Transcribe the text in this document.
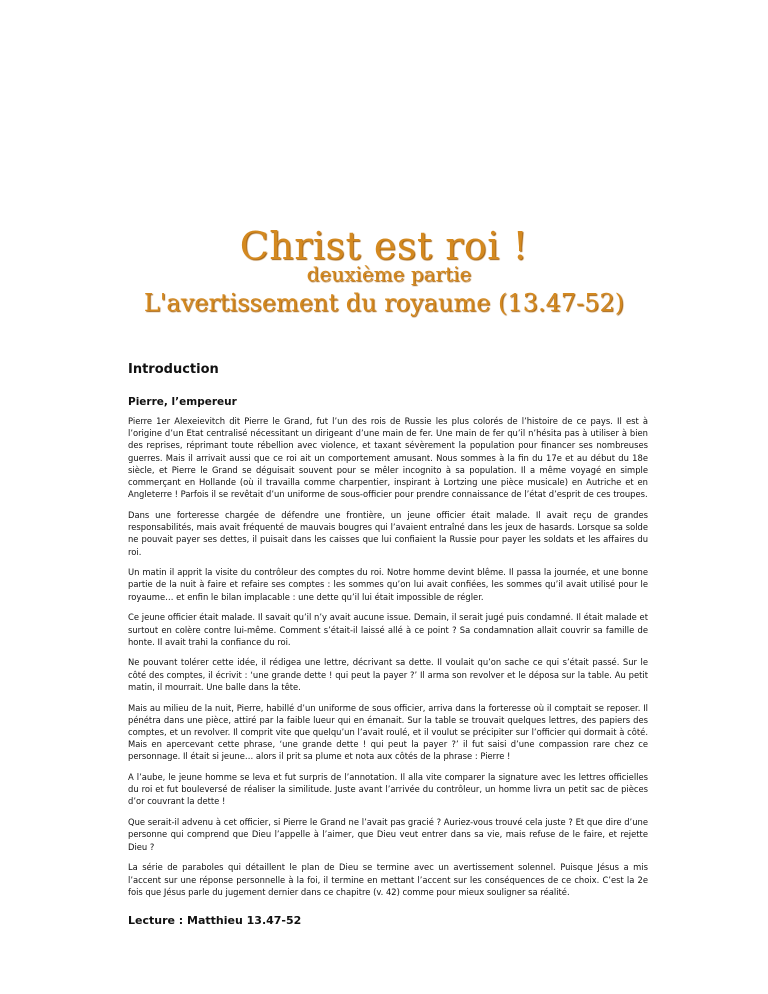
Christ est roi !
deuxième partie
L'avertissement du royaume (13.47-52)
Introduction
Pierre, l’empereur

Pierre 1er Alexeievitch dit Pierre le Grand, fut l’un des rois de Russie les plus colorés de l’histoire de ce pays. Il est à l’origine d’un Etat centralisé nécessitant un dirigeant d’une main de fer. Une main de fer qu’il n’hésita pas à utiliser à bien des reprises, réprimant toute rébellion avec violence, et taxant sévèrement la population pour financer ses nombreuses guerres. Mais il arrivait aussi que ce roi ait un comportement amusant. Nous sommes à la fin du 17e et au début du 18e siècle, et Pierre le Grand se déguisait souvent pour se mêler incognito à sa population. Il a même voyagé en simple commerçant en Hollande (où il travailla comme charpentier, inspirant à Lortzing une pièce musicale) en Autriche et en Angleterre ! Parfois il se revêtait d’un uniforme de sous-officier pour prendre connaissance de l’état d’esprit de ces troupes.

Dans une forteresse chargée de défendre une frontière, un jeune officier était malade. Il avait reçu de grandes responsabilités, mais avait fréquenté de mauvais bougres qui l’avaient entraîné dans les jeux de hasards. Lorsque sa solde ne pouvait payer ses dettes, il puisait dans les caisses que lui confiaient la Russie pour payer les soldats et les affaires du roi.

Un matin il apprit la visite du contrôleur des comptes du roi. Notre homme devint blême. Il passa la journée, et une bonne partie de la nuit à faire et refaire ses comptes : les sommes qu’on lui avait confiées, les sommes qu’il avait utilisé pour le royaume… et enfin le bilan implacable : une dette qu’il lui était impossible de régler.

Ce jeune officier était malade. Il savait qu’il n’y avait aucune issue. Demain, il serait jugé puis condamné. Il était malade et surtout en colère contre lui-même. Comment s’était-il laissé allé à ce point ? Sa condamnation allait couvrir sa famille de honte. Il avait trahi la confiance du roi.

Ne pouvant tolérer cette idée, il rédigea une lettre, décrivant sa dette. Il voulait qu’on sache ce qui s’était passé. Sur le côté des comptes, il écrivit : ‘une grande dette ! qui peut la payer ?’ Il arma son revolver et le déposa sur la table. Au petit matin, il mourrait. Une balle dans la tête.

Mais au milieu de la nuit, Pierre, habillé d’un uniforme de sous officier, arriva dans la forteresse où il comptait se reposer. Il pénétra dans une pièce, attiré par la faible lueur qui en émanait. Sur la table se trouvait quelques lettres, des papiers des comptes, et un revolver. Il comprit vite que quelqu’un l’avait roulé, et il voulut se précipiter sur l’officier qui dormait à côté. Mais en apercevant cette phrase, ‘une grande dette ! qui peut la payer ?’ il fut saisi d’une compassion rare chez ce personnage. Il était si jeune… alors il prit sa plume et nota aux côtés de la phrase : Pierre !

A l’aube, le jeune homme se leva et fut surpris de l’annotation. Il alla vite comparer la signature avec les lettres officielles du roi et fut bouleversé de réaliser la similitude. Juste avant l’arrivée du contrôleur, un homme livra un petit sac de pièces d’or couvrant la dette !

Que serait-il advenu à cet officier, si Pierre le Grand ne l’avait pas gracié ? Auriez-vous trouvé cela juste ? Et que dire d’une personne qui comprend que Dieu l’appelle à l’aimer, que Dieu veut entrer dans sa vie, mais refuse de le faire, et rejette Dieu ?

La série de paraboles qui détaillent le plan de Dieu se termine avec un avertissement solennel. Puisque Jésus a mis l’accent sur une réponse personnelle à la foi, il termine en mettant l’accent sur les conséquences de ce choix. C’est la 2e fois que Jésus parle du jugement dernier dans ce chapitre (v. 42) comme pour mieux souligner sa réalité.

Lecture : Matthieu 13.47-52
